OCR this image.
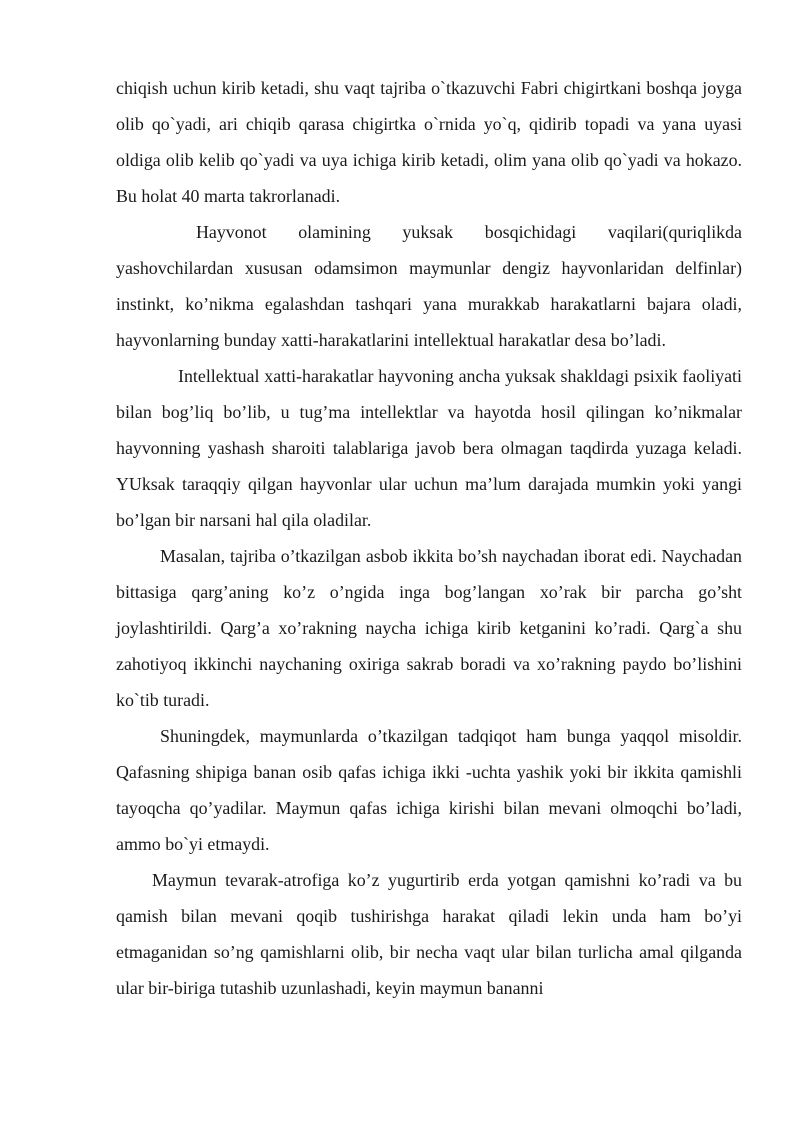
chiqish uchun kirib ketadi, shu vaqt tajriba o`tkazuvchi Fabri chigirtkani boshqa joyga olib qo`yadi, ari chiqib qarasa chigirtka o`rnida yo`q, qidirib topadi va yana uyasi oldiga olib kelib qo`yadi va uya ichiga kirib ketadi, olim yana olib qo`yadi va hokazo. Bu holat 40 marta takrorlanadi.

Hayvonot olamining yuksak bosqichidagi vaqilari(quriqlikda yashovchilardan xususan odamsimon maymunlar dengiz hayvonlaridan delfinlar) instinkt, ko’nikma egalashdan tashqari yana murakkab harakatlarni bajara oladi, hayvonlarning bunday xatti-harakatlarini intellektual harakatlar desa bo’ladi.

Intellektual xatti-harakatlar hayvoning ancha yuksak shakldagi psixik faoliyati bilan bog’liq bo’lib, u tug’ma intellektlar va hayotda hosil qilingan ko’nikmalar hayvonning yashash sharoiti talablariga javob bera olmagan taqdirda yuzaga keladi. YUksak taraqqiy qilgan hayvonlar ular uchun ma’lum darajada mumkin yoki yangi bo’lgan bir narsani hal qila oladilar.

Masalan, tajriba o’tkazilgan asbob ikkita bo’sh naychadan iborat edi. Naychadan bittasiga qarg’aning ko’z o’ngida inga bog’langan xo’rak bir parcha go’sht joylashtirildi. Qarg’a xo’rakning naycha ichiga kirib ketganini ko’radi. Qarg`a shu zahotiyoq ikkinchi naychaning oxiriga sakrab boradi va xo’rakning paydo bo’lishini ko`tib turadi.

Shuningdek, maymunlarda o’tkazilgan tadqiqot ham bunga yaqqol misoldir. Qafasning shipiga banan osib qafas ichiga ikki -uchta yashik yoki bir ikkita qamishli tayoqcha qo’yadilar. Maymun qafas ichiga kirishi bilan mevani olmoqchi bo’ladi, ammo bo`yi etmaydi.

Maymun tevarak-atrofiga ko’z yugurtirib erda yotgan qamishni ko’radi va bu qamish bilan mevani qoqib tushirishga harakat qiladi lekin unda ham bo’yi etmaganidan so’ng qamishlarni olib, bir necha vaqt ular bilan turlicha amal qilganda ular bir-biriga tutashib uzunlashadi, keyin maymun bananni
